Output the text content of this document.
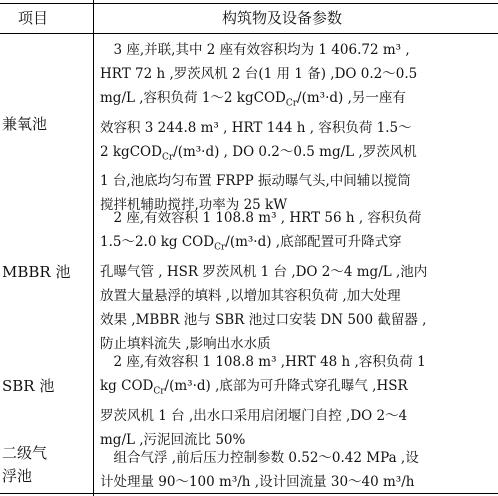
项目	构筑物及设备参数
兼氧池
　3 座,并联,其中 2 座有效容积均为 1 406.72 m³ ,
HRT 72 h ,罗茨风机 2 台(1 用 1 备) ,DO 0.2～0.5
mg/L ,容积负荷 1～2 kgCOD$_{Cr}$/(m³·d) ,另一座有
效容积 3 244.8 m³ , HRT 144 h , 容积负荷 1.5～
2 kgCOD$_{Cr}$/(m³·d) , DO 0.2～0.5 mg/L ,罗茨风机
1 台,池底均匀布置 FRPP 振动曝气头,中间辅以搅筒
搅拌机辅助搅拌,功率为 25 kW
MBBR 池
　2 座,有效容积 1 108.8 m³ , HRT 56 h , 容积负荷
1.5～2.0 kg $COD_{Cr}/(m^3\cdot d)$ ,底部配置可升降式穿
孔曝气管 , HSR 罗茨风机 1 台 ,DO 2～4 mg/L ,池内
放置大量悬浮的填料 ,以增加其容积负荷 ,加大处理
效果 ,MBBR 池与 SBR 池过口安装 DN 500 截留器 ,
防止填料流失 ,影响出水水质
SBR 池
　2 座,有效容积 1 108.8 m³ ,HRT 48 h ,容积负荷 1
kg $COD_{Cr}/(m^3\cdot d)$ ,底部为可升降式穿孔曝气 ,HSR
罗茨风机 1 台 ,出水口采用启闭堰门自控 ,DO 2～4
mg/L ,污泥回流比 50%
二级气
浮池
　组合气浮 ,前后压力控制参数 0.52～0.42 MPa ,设
计处理量 90～100 m³/h ,设计回流量 30～40 m³/h
